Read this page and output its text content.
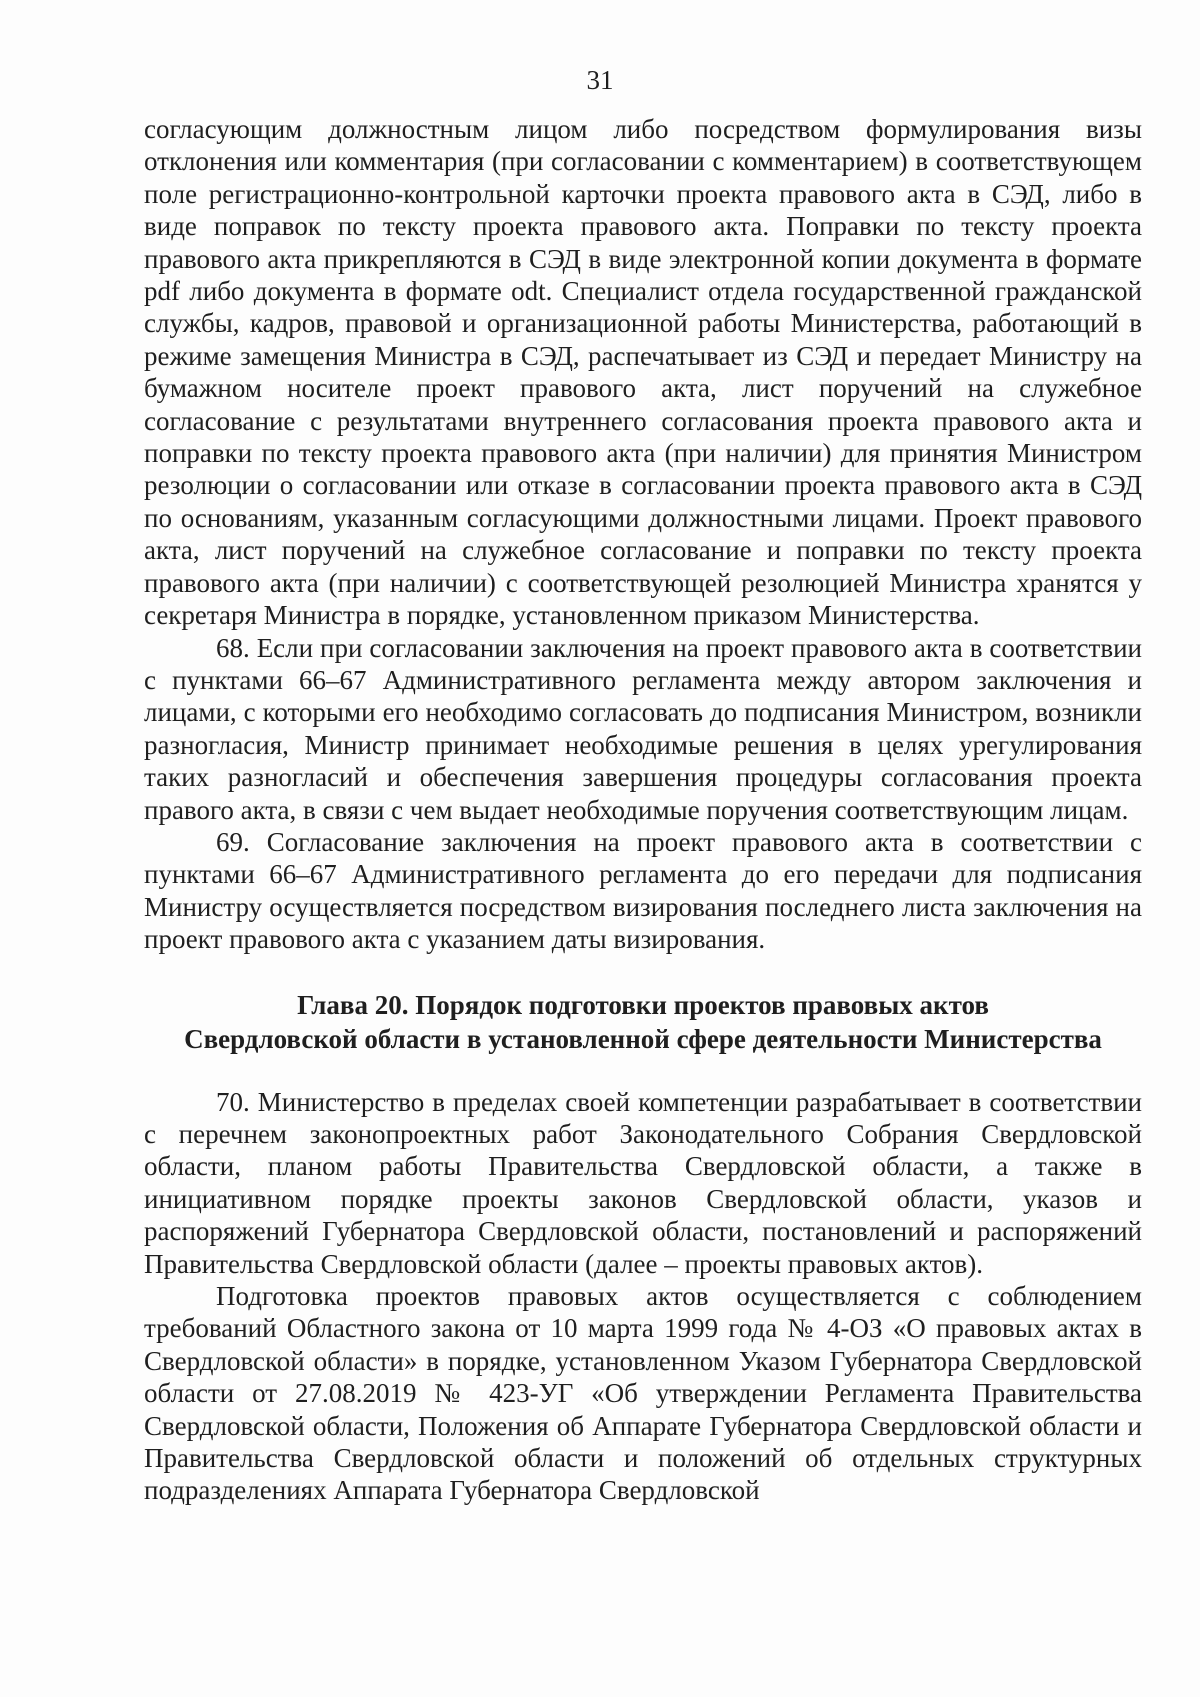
31

согласующим должностным лицом либо посредством формулирования визы отклонения или комментария (при согласовании с комментарием) в соответствующем поле регистрационно-контрольной карточки проекта правового акта в СЭД, либо в виде поправок по тексту проекта правового акта. Поправки по тексту проекта правового акта прикрепляются в СЭД в виде электронной копии документа в формате pdf либо документа в формате odt. Специалист отдела государственной гражданской службы, кадров, правовой и организационной работы Министерства, работающий в режиме замещения Министра в СЭД, распечатывает из СЭД и передает Министру на бумажном носителе проект правового акта, лист поручений на служебное согласование с результатами внутреннего согласования проекта правового акта и поправки по тексту проекта правового акта (при наличии) для принятия Министром резолюции о согласовании или отказе в согласовании проекта правового акта в СЭД по основаниям, указанным согласующими должностными лицами. Проект правового акта, лист поручений на служебное согласование и поправки по тексту проекта правового акта (при наличии) с соответствующей резолюцией Министра хранятся у секретаря Министра в порядке, установленном приказом Министерства.

68. Если при согласовании заключения на проект правового акта в соответствии с пунктами 66–67 Административного регламента между автором заключения и лицами, с которыми его необходимо согласовать до подписания Министром, возникли разногласия, Министр принимает необходимые решения в целях урегулирования таких разногласий и обеспечения завершения процедуры согласования проекта правого акта, в связи с чем выдает необходимые поручения соответствующим лицам.

69. Согласование заключения на проект правового акта в соответствии с пунктами 66–67 Административного регламента до его передачи для подписания Министру осуществляется посредством визирования последнего листа заключения на проект правового акта с указанием даты визирования.

Глава 20. Порядок подготовки проектов правовых актов
Свердловской области в установленной сфере деятельности Министерства

70. Министерство в пределах своей компетенции разрабатывает в соответствии с перечнем законопроектных работ Законодательного Собрания Свердловской области, планом работы Правительства Свердловской области, а также в инициативном порядке проекты законов Свердловской области, указов и распоряжений Губернатора Свердловской области, постановлений и распоряжений Правительства Свердловской области (далее – проекты правовых актов).

Подготовка проектов правовых актов осуществляется с соблюдением требований Областного закона от 10 марта 1999 года № 4-ОЗ «О правовых актах в Свердловской области» в порядке, установленном Указом Губернатора Свердловской области от 27.08.2019 № 423-УГ «Об утверждении Регламента Правительства Свердловской области, Положения об Аппарате Губернатора Свердловской области и Правительства Свердловской области и положений об отдельных структурных подразделениях Аппарата Губернатора Свердловской
